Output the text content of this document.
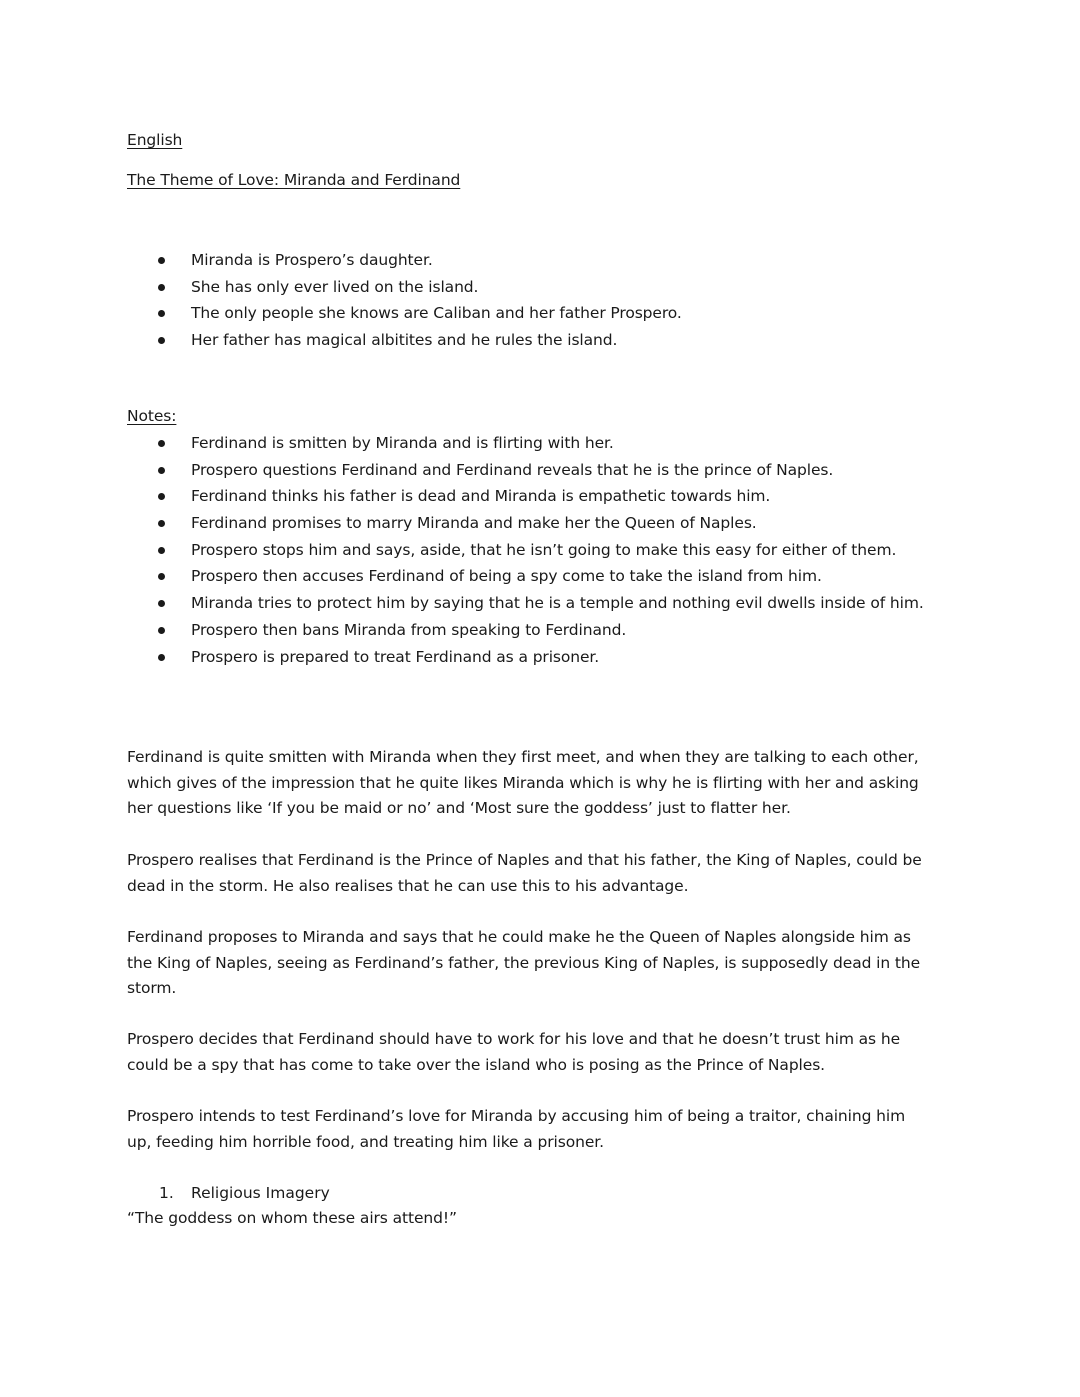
English
The Theme of Love: Miranda and Ferdinand
Miranda is Prospero’s daughter.
She has only ever lived on the island.
The only people she knows are Caliban and her father Prospero.
Her father has magical albitites and he rules the island.
Notes:
Ferdinand is smitten by Miranda and is flirting with her.
Prospero questions Ferdinand and Ferdinand reveals that he is the prince of Naples.
Ferdinand thinks his father is dead and Miranda is empathetic towards him.
Ferdinand promises to marry Miranda and make her the Queen of Naples.
Prospero stops him and says, aside, that he isn’t going to make this easy for either of them.
Prospero then accuses Ferdinand of being a spy come to take the island from him.
Miranda tries to protect him by saying that he is a temple and nothing evil dwells inside of him.
Prospero then bans Miranda from speaking to Ferdinand.
Prospero is prepared to treat Ferdinand as a prisoner.

Ferdinand is quite smitten with Miranda when they first meet, and when they are talking to each other,
which gives of the impression that he quite likes Miranda which is why he is flirting with her and asking
her questions like ‘If you be maid or no’ and ‘Most sure the goddess’ just to flatter her.

Prospero realises that Ferdinand is the Prince of Naples and that his father, the King of Naples, could be
dead in the storm. He also realises that he can use this to his advantage.

Ferdinand proposes to Miranda and says that he could make he the Queen of Naples alongside him as
the King of Naples, seeing as Ferdinand’s father, the previous King of Naples, is supposedly dead in the
storm.

Prospero decides that Ferdinand should have to work for his love and that he doesn’t trust him as he
could be a spy that has come to take over the island who is posing as the Prince of Naples.

Prospero intends to test Ferdinand’s love for Miranda by accusing him of being a traitor, chaining him
up, feeding him horrible food, and treating him like a prisoner.

1. Religious Imagery
“The goddess on whom these airs attend!”
